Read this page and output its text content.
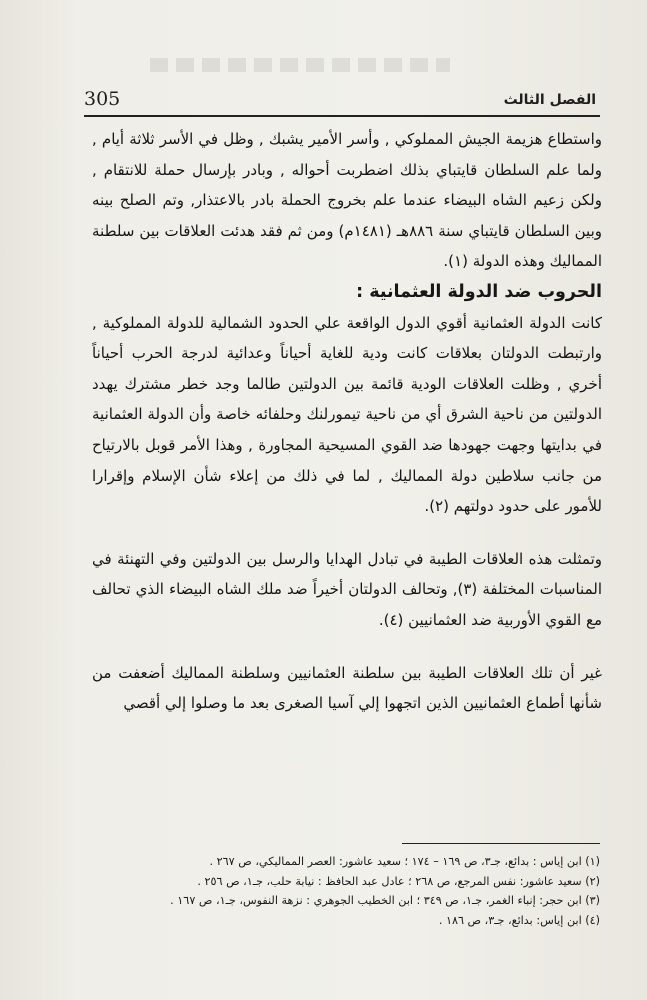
الفصل الثالث
305

واستطاع هزيمة الجيش المملوكي , وأسر الأمير يشبك , وظل في الأسر ثلاثة أيام , ولما علم السلطان قايتباي بذلك اضطربت أحواله , وبادر بإرسال حملة للانتقام , ولكن زعيم الشاه البيضاء عندما علم بخروج الحملة بادر بالاعتذار, وتم الصلح بينه وبين السلطان قايتباي سنة ٨٨٦هـ (١٤٨١م) ومن ثم فقد هدئت العلاقات بين سلطنة المماليك وهذه الدولة (١).

الحروب ضد الدولة العثمانية :

كانت الدولة العثمانية أقوي الدول الواقعة علي الحدود الشمالية للدولة المملوكية , وارتبطت الدولتان بعلاقات كانت ودية للغاية أحياناً وعدائية لدرجة الحرب أحياناً أخري , وظلت العلاقات الودية قائمة بين الدولتين طالما وجد خطر مشترك يهدد الدولتين من ناحية الشرق أي من ناحية تيمورلنك وحلفائه خاصة وأن الدولة العثمانية في بدايتها وجهت جهودها ضد القوي المسيحية المجاورة , وهذا الأمر قوبل بالارتياح من جانب سلاطين دولة المماليك , لما في ذلك من إعلاء شأن الإسلام وإقرارا للأمور على حدود دولتهم (٢).

وتمثلت هذه العلاقات الطيبة في تبادل الهدايا والرسل بين الدولتين وفي التهنئة في المناسبات المختلفة (٣), وتحالف الدولتان أخيراً ضد ملك الشاه البيضاء الذي تحالف مع القوي الأوربية ضد العثمانيين (٤).

غير أن تلك العلاقات الطيبة بين سلطنة العثمانيين وسلطنة المماليك أضعفت من شأنها أطماع العثمانيين الذين اتجهوا إلي آسيا الصغرى بعد ما وصلوا إلي أقصي

(١) ابن إياس : بدائع، جـ٣، ص ١٦٩ – ١٧٤ ؛ سعيد عاشور: العصر المماليكي، ص ٢٦٧ .
(٢) سعيد عاشور: نفس المرجع، ص ٢٦٨ ؛ عادل عبد الحافظ : نيابة حلب، جـ١، ص ٢٥٦ .
(٣) ابن حجر: إنباء الغمر، جـ١، ص ٣٤٩ ؛ ابن الخطيب الجوهري : نزهة النفوس، جـ١، ص ١٦٧ .
(٤) ابن إياس: بدائع، جـ٣، ص ١٨٦ .
